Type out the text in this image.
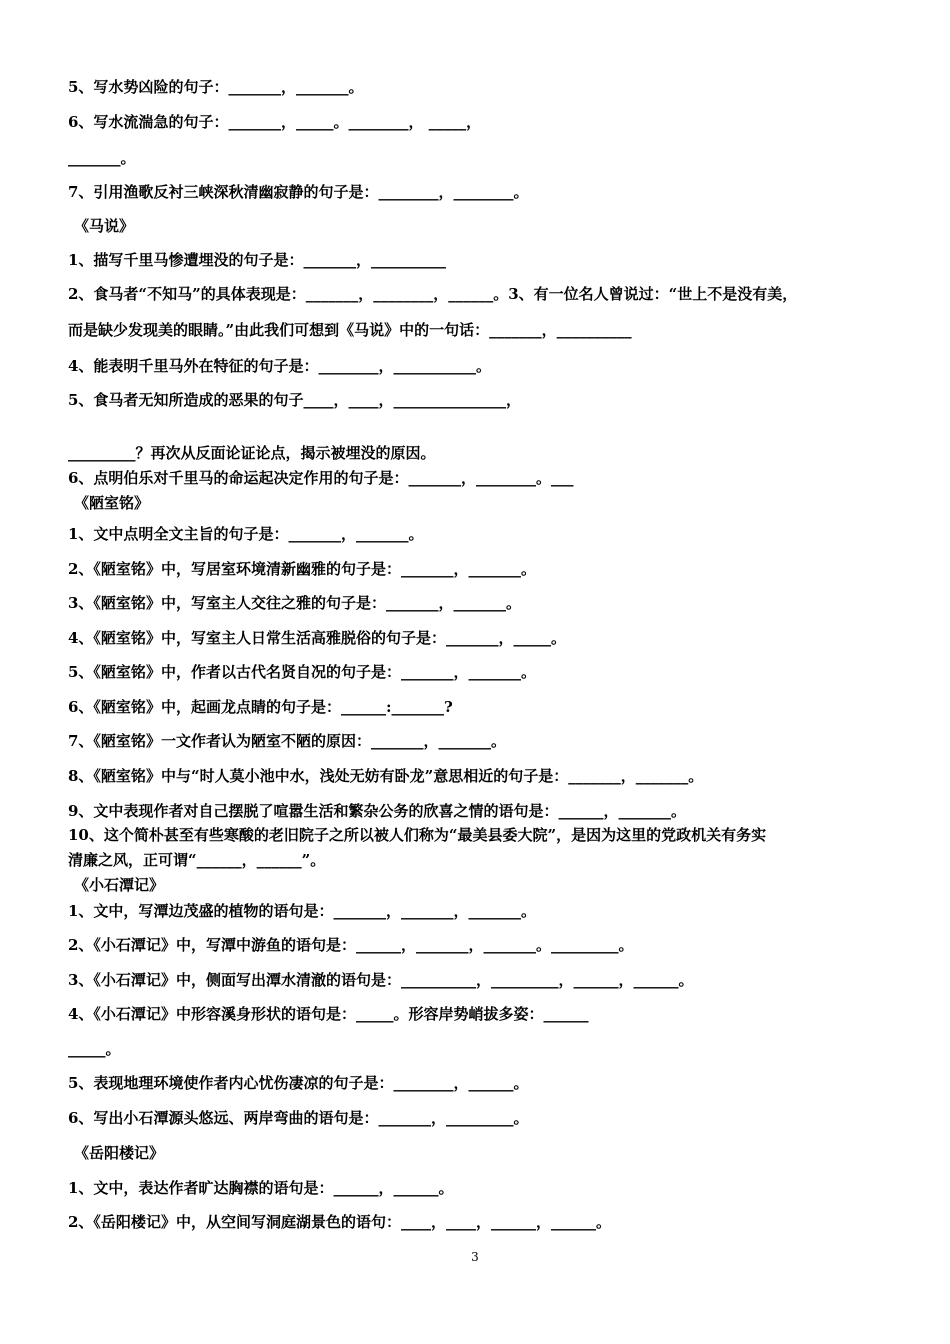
5、写水势凶险的句子：_______，_______。
6、写水流湍急的句子：_______，_____。________， _____，
_______。
7、引用渔歌反衬三峡深秋清幽寂静的句子是：________，________。
《马说》
1、描写千里马惨遭埋没的句子是：_______，__________
2、食马者“不知马”的具体表现是：_______，________，______。3、有一位名人曾说过：“世上不是没有美，
而是缺少发现美的眼睛。”由此我们可想到《马说》中的一句话：_______，__________
4、能表明千里马外在特征的句子是：________，___________。
5、食马者无知所造成的恶果的句子____，____，_______________，
_________？再次从反面论证论点，揭示被埋没的原因。
6、点明伯乐对千里马的命运起决定作用的句子是：_______，________。___
《陋室铭》
1、文中点明全文主旨的句子是：_______，_______。
2、《陋室铭》中，写居室环境清新幽雅的句子是：_______，_______。
3、《陋室铭》中，写室主人交往之雅的句子是：_______，_______。
4、《陋室铭》中，写室主人日常生活高雅脱俗的句子是：_______，_____。
5、《陋室铭》中，作者以古代名贤自况的句子是：_______，_______。
6、《陋室铭》中，起画龙点睛的句子是：______:_______?
7、《陋室铭》一文作者认为陋室不陋的原因：_______，_______。
8、《陋室铭》中与“时人莫小池中水，浅处无妨有卧龙”意思相近的句子是：_______，_______。
9、文中表现作者对自己摆脱了喧嚣生活和繁杂公务的欣喜之情的语句是：______，_______。
10、这个简朴甚至有些寒酸的老旧院子之所以被人们称为“最美县委大院”，是因为这里的党政机关有务实
清廉之风，正可谓“______，______”。
《小石潭记》
1、文中，写潭边茂盛的植物的语句是：_______，_______，_______。
2、《小石潭记》中，写潭中游鱼的语句是：______，_______，_______。_________。
3、《小石潭记》中，侧面写出潭水清澈的语句是：__________，_________，______，______。
4、《小石潭记》中形容溪身形状的语句是：_____。形容岸势峭拔多姿：______
_____。
5、表现地理环境使作者内心忧伤凄凉的句子是：________，______。
6、写出小石潭源头悠远、两岸弯曲的语句是：_______，_________。
《岳阳楼记》
1、文中，表达作者旷达胸襟的语句是：______，______。
2、《岳阳楼记》中，从空间写洞庭湖景色的语句：____，____，______，______。
3
